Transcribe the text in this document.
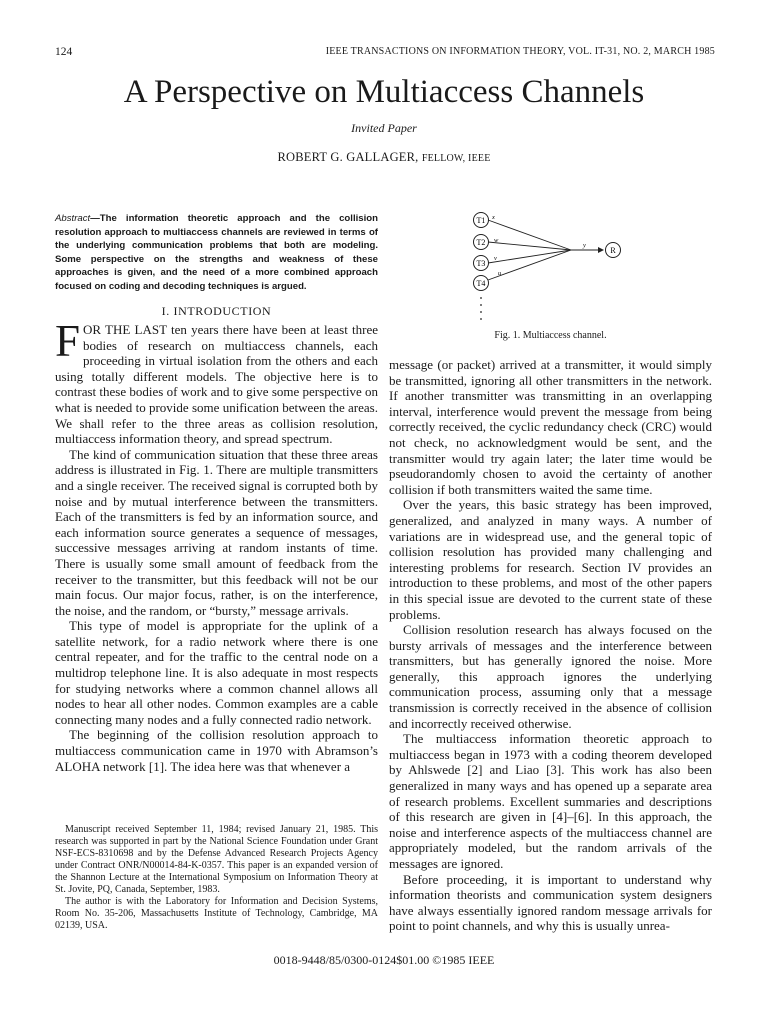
124	IEEE TRANSACTIONS ON INFORMATION THEORY, VOL. IT-31, NO. 2, MARCH 1985
A Perspective on Multiaccess Channels
Invited Paper
ROBERT G. GALLAGER, FELLOW, IEEE
Abstract—The information theoretic approach and the collision resolution approach to multiaccess channels are reviewed in terms of the underlying communication problems that both are modeling. Some perspective on the strengths and weakness of these approaches is given, and the need of a more combined approach focused on coding and decoding techniques is argued.
I. INTRODUCTION

FOR THE LAST ten years there have been at least three bodies of research on multiaccess channels, each proceeding in virtual isolation from the others and each using totally different models. The objective here is to contrast these bodies of work and to give some perspective on what is needed to provide some unification between the areas. We shall refer to the three areas as collision resolution, multiaccess information theory, and spread spectrum.

The kind of communication situation that these three areas address is illustrated in Fig. 1. There are multiple transmitters and a single receiver. The received signal is corrupted both by noise and by mutual interference between the transmitters. Each of the transmitters is fed by an information source, and each information source generates a sequence of messages, successive messages arriving at random instants of time. There is usually some small amount of feedback from the receiver to the transmitter, but this feedback will not be our main focus. Our major focus, rather, is on the interference, the noise, and the random, or “bursty,” message arrivals.

This type of model is appropriate for the uplink of a satellite network, for a radio network where there is one central repeater, and for the traffic to the central node on a multidrop telephone line. It is also adequate in most respects for studying networks where a common channel allows all nodes to hear all other nodes. Common examples are a cable connecting many nodes and a fully connected radio network.

The beginning of the collision resolution approach to multiaccess communication came in 1970 with Abramson’s ALOHA network [1]. The idea here was that whenever a

Manuscript received September 11, 1984; revised January 21, 1985. This research was supported in part by the National Science Foundation under Grant NSF-ECS-8310698 and by the Defense Advanced Research Projects Agency under Contract ONR/N00014-84-K-0357. This paper is an expanded version of the Shannon Lecture at the International Symposium on Information Theory at St. Jovite, PQ, Canada, September, 1983.

The author is with the Laboratory for Information and Decision Systems, Room No. 35-206, Massachusetts Institute of Technology, Cambridge, MA 02139, USA.

T1
T2
T3
T4
R
x
w
v
u
y
Fig. 1. Multiaccess channel.

message (or packet) arrived at a transmitter, it would simply be transmitted, ignoring all other transmitters in the network. If another transmitter was transmitting in an overlapping interval, interference would prevent the message from being correctly received, the cyclic redundancy check (CRC) would not check, no acknowledgment would be sent, and the transmitter would try again later; the later time would be pseudorandomly chosen to avoid the certainty of another collision if both transmitters waited the same time.

Over the years, this basic strategy has been improved, generalized, and analyzed in many ways. A number of variations are in widespread use, and the general topic of collision resolution has provided many challenging and interesting problems for research. Section IV provides an introduction to these problems, and most of the other papers in this special issue are devoted to the current state of these problems.

Collision resolution research has always focused on the bursty arrivals of messages and the interference between transmitters, but has generally ignored the noise. More generally, this approach ignores the underlying communication process, assuming only that a message transmission is correctly received in the absence of collision and incorrectly received otherwise.

The multiaccess information theoretic approach to multiaccess began in 1973 with a coding theorem developed by Ahlswede [2] and Liao [3]. This work has also been generalized in many ways and has opened up a separate area of research problems. Excellent summaries and descriptions of this research are given in [4]–[6]. In this approach, the noise and interference aspects of the multiaccess channel are appropriately modeled, but the random arrivals of the messages are ignored.

Before proceeding, it is important to understand why information theorists and communication system designers have always essentially ignored random message arrivals for point to point channels, and why this is usually unrea-

0018-9448/85/0300-0124$01.00 ©1985 IEEE
